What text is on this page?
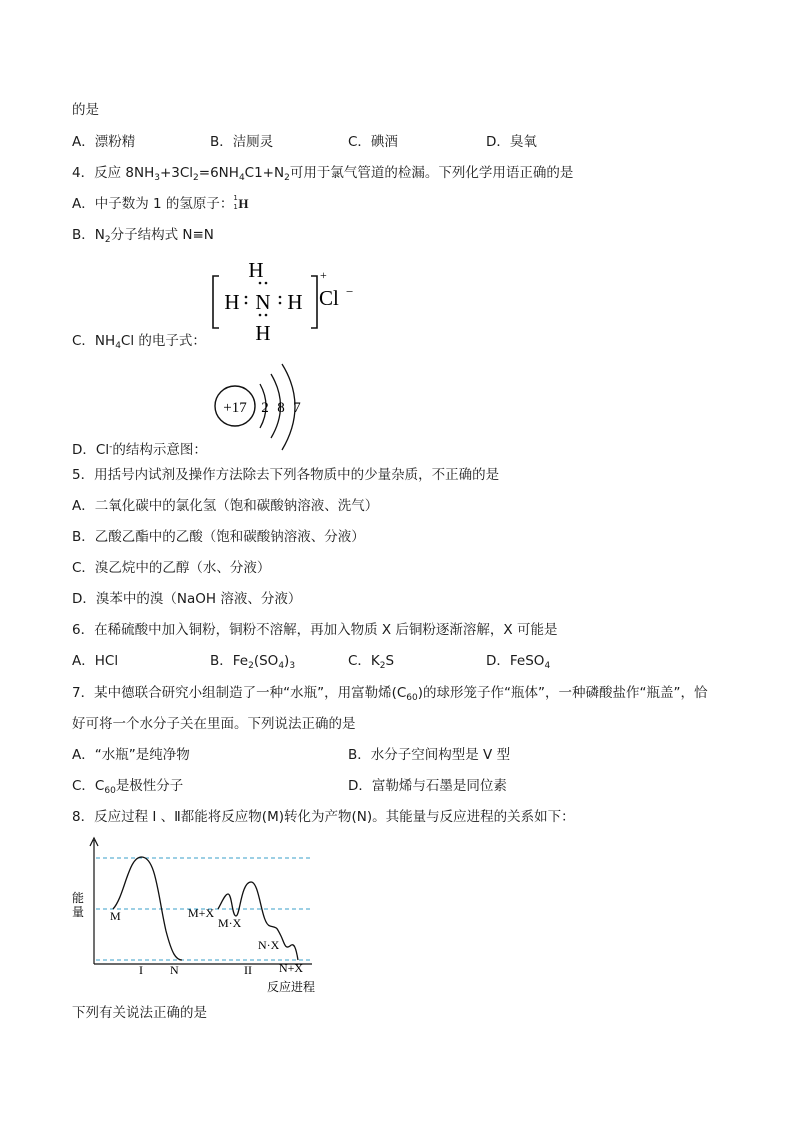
的是
A．漂粉精	B．洁厕灵	C．碘酒	D．臭氧
4．反应 $8NH_3+3Cl_2=6NH_4C1+N_2$可用于氯气管道的检漏。下列化学用语正确的是
A．中子数为 1 的氢原子： 1
1 H
B．$N_2$分子结构式 N≡N
H
H N H
H
+
Cl −
C．$NH_4Cl$ 的电子式：
+17 2 8 7
D．Cl-的结构示意图：
5．用括号内试剂及操作方法除去下列各物质中的少量杂质，不正确的是
A．二氧化碳中的氯化氢（饱和碳酸钠溶液、洗气）
B．乙酸乙酯中的乙酸（饱和碳酸钠溶液、分液）
C．溴乙烷中的乙醇（水、分液）
D．溴苯中的溴（NaOH 溶液、分液）
6．在稀硫酸中加入铜粉，铜粉不溶解，再加入物质 X 后铜粉逐渐溶解，X 可能是
A．HCl	B．$Fe_2(SO_4)_3$	C．$K_2S$	D．FeSO$_4$
7．某中德联合研究小组制造了一种“水瓶”，用富勒烯$(C_{60})$的球形笼子作“瓶体”，一种磷酸盐作“瓶盖”，恰
好可将一个水分子关在里面。下列说法正确的是
A．“水瓶”是纯净物	B．水分子空间构型是 V 型
C．$C_{60}$是极性分子	D．富勒烯与石墨是同位素
8．反应过程 Ⅰ 、Ⅱ都能将反应物(M)转化为产物(N)。其能量与反应进程的关系如下：
能
量 M
N
I
M+X
M·X
N·X
II N+X
反应进程
下列有关说法正确的是
